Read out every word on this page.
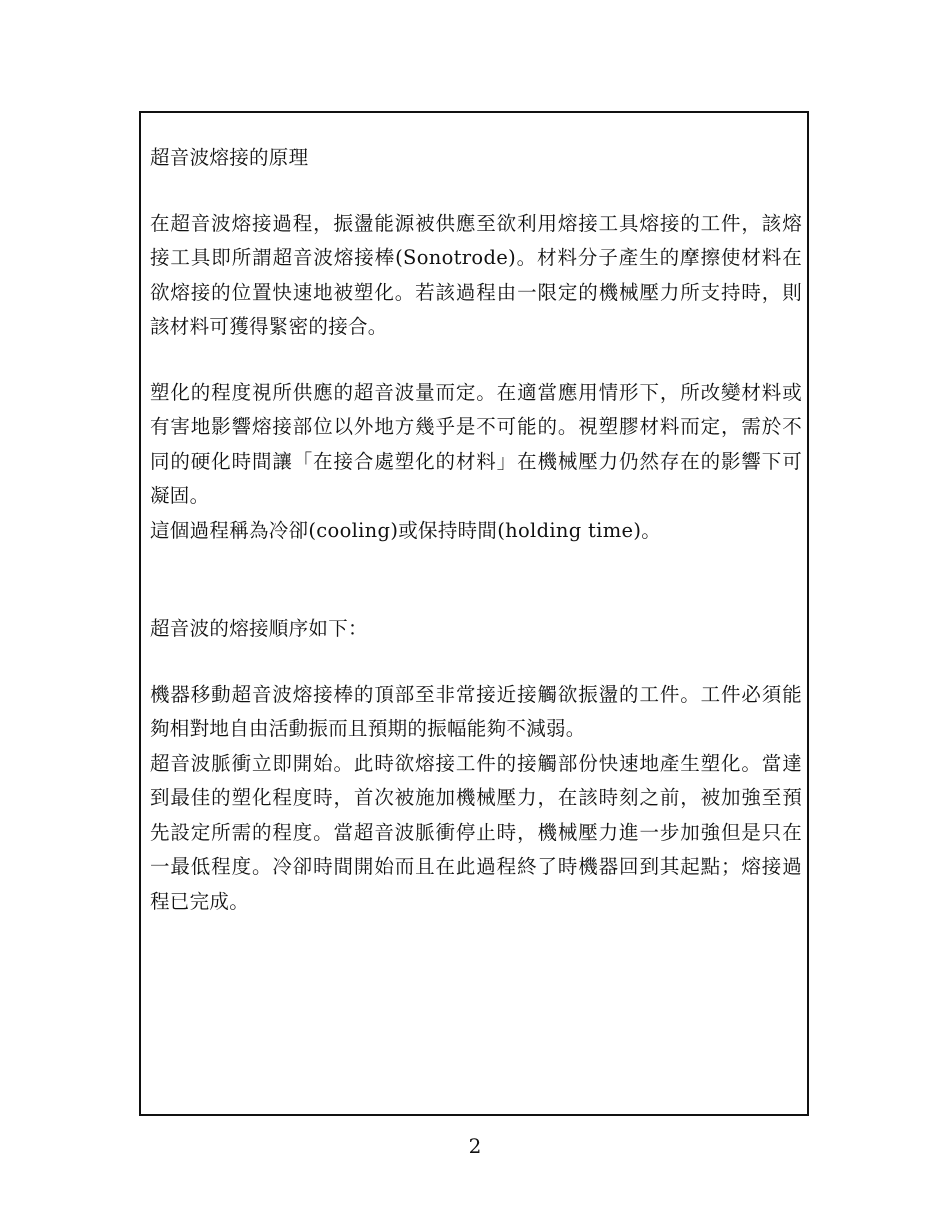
超音波熔接的原理

在超音波熔接過程，振盪能源被供應至欲利用熔接工具熔接的工件，該熔接工具即所謂超音波熔接棒(Sonotrode)。材料分子產生的摩擦使材料在欲熔接的位置快速地被塑化。若該過程由一限定的機械壓力所支持時，則該材料可獲得緊密的接合。

塑化的程度視所供應的超音波量而定。在適當應用情形下，所改變材料或有害地影響熔接部位以外地方幾乎是不可能的。視塑膠材料而定，需於不同的硬化時間讓「在接合處塑化的材料」在機械壓力仍然存在的影響下可凝固。

這個過程稱為冷卻(cooling)或保持時間(holding time)。

超音波的熔接順序如下：

機器移動超音波熔接棒的頂部至非常接近接觸欲振盪的工件。工件必須能夠相對地自由活動振而且預期的振幅能夠不減弱。

超音波脈衝立即開始。此時欲熔接工件的接觸部份快速地產生塑化。當達到最佳的塑化程度時，首次被施加機械壓力，在該時刻之前，被加強至預先設定所需的程度。當超音波脈衝停止時，機械壓力進一步加強但是只在一最低程度。冷卻時間開始而且在此過程終了時機器回到其起點；熔接過程已完成。

2
